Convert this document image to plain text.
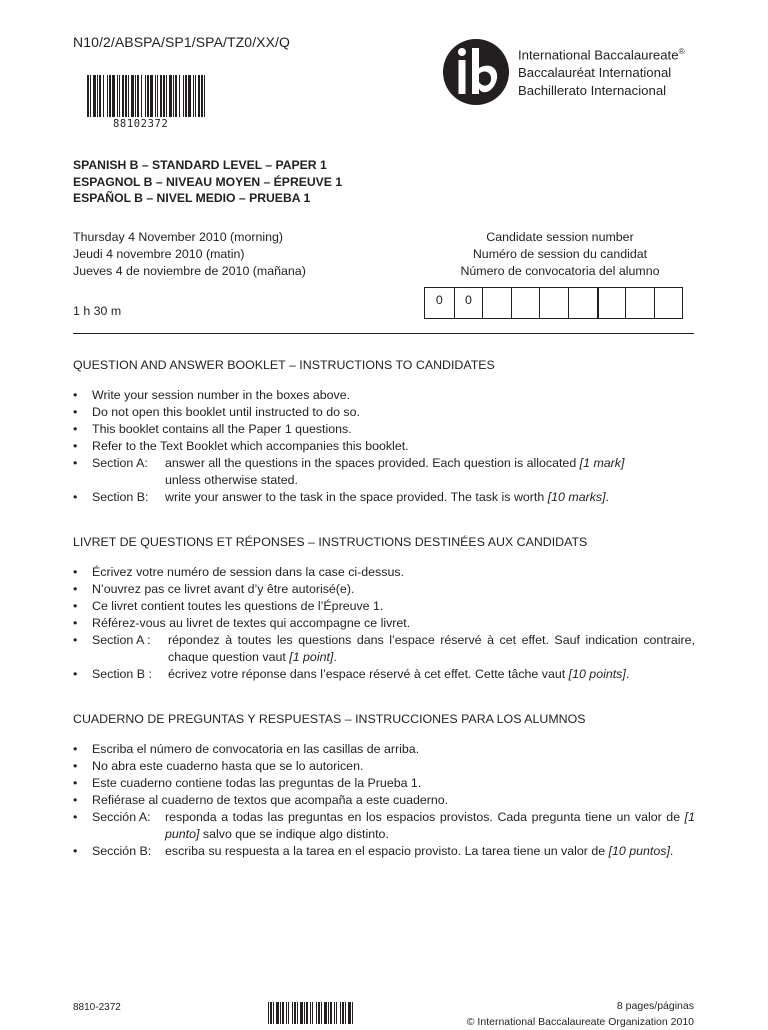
N10/2/ABSPA/SP1/SPA/TZ0/XX/Q
88102372
International Baccalaureate®
Baccalauréat International
Bachillerato Internacional
SPANISH B – STANDARD LEVEL – PAPER 1
ESPAGNOL B – NIVEAU MOYEN – ÉPREUVE 1
ESPAÑOL B – NIVEL MEDIO – PRUEBA 1
Thursday 4 November 2010 (morning)
Jeudi 4 novembre 2010 (matin)
Jueves 4 de noviembre de 2010 (mañana)
1 h 30 m
Candidate session number
Numéro de session du candidat
Número de convocatoria del alumno
0	0
QUESTION AND ANSWER BOOKLET – INSTRUCTIONS TO CANDIDATES
• Write your session number in the boxes above.
• Do not open this booklet until instructed to do so.
• This booklet contains all the Paper 1 questions.
• Refer to the Text Booklet which accompanies this booklet.
• Section A:	answer all the questions in the spaces provided. Each question is allocated [1 mark]
unless otherwise stated.
• Section B:	write your answer to the task in the space provided. The task is worth [10 marks].
LIVRET DE QUESTIONS ET RÉPONSES – INSTRUCTIONS DESTINÉES AUX CANDIDATS
• Écrivez votre numéro de session dans la case ci-dessus.
• N’ouvrez pas ce livret avant d’y être autorisé(e).
• Ce livret contient toutes les questions de l’Épreuve 1.
• Référez-vous au livret de textes qui accompagne ce livret.
• Section A :	répondez à toutes les questions dans l’espace réservé à cet effet. Sauf indication contraire, chaque question vaut [1 point].
• Section B :	écrivez votre réponse dans l’espace réservé à cet effet. Cette tâche vaut [10 points].
CUADERNO DE PREGUNTAS Y RESPUESTAS – INSTRUCCIONES PARA LOS ALUMNOS
• Escriba el número de convocatoria en las casillas de arriba.
• No abra este cuaderno hasta que se lo autoricen.
• Este cuaderno contiene todas las preguntas de la Prueba 1.
• Refiérase al cuaderno de textos que acompaña a este cuaderno.
• Sección A:	responda a todas las preguntas en los espacios provistos. Cada pregunta tiene un valor de [1 punto] salvo que se indique algo distinto.
• Sección B:	escriba su respuesta a la tarea en el espacio provisto. La tarea tiene un valor de [10 puntos].
8810-2372	8 pages/páginas
© International Baccalaureate Organization 2010
